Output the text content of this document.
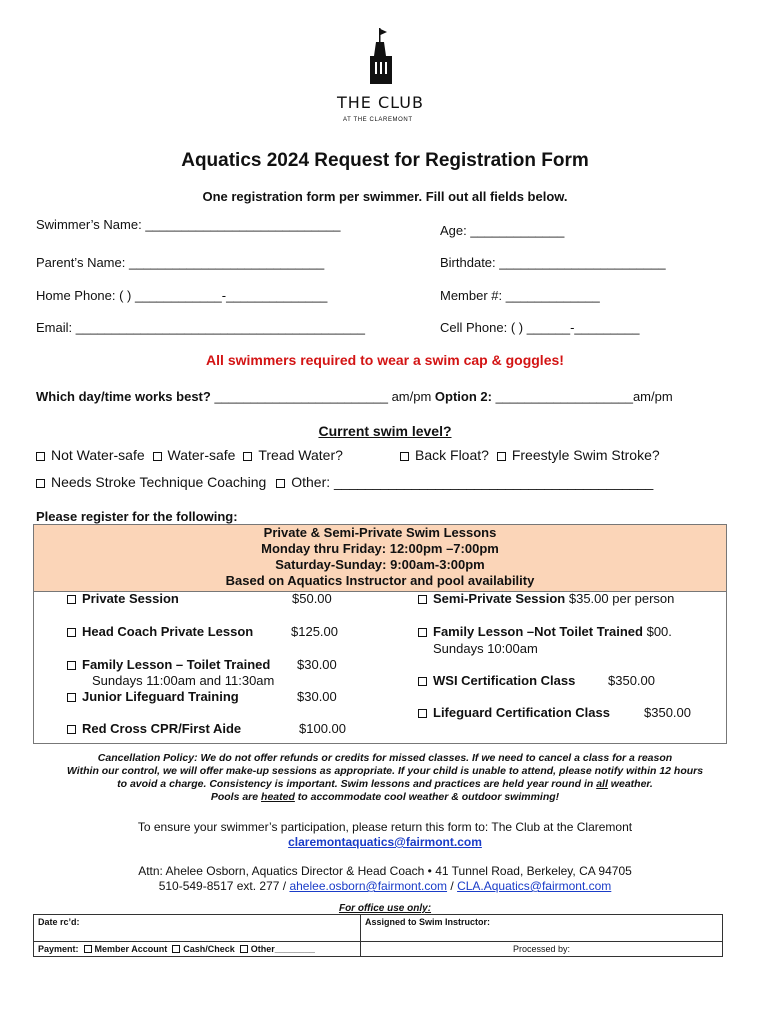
THE CLUB
AT THE CLAREMONT
Aquatics 2024 Request for Registration Form
One registration form per swimmer. Fill out all fields below.
Swimmer’s Name: ___________________________	Age: _____________
Parent’s Name: ___________________________	Birthdate: _______________________
Home Phone: ( ) ____________-______________	Member #: _____________
Email: ________________________________________	Cell Phone: ( ) ______-_________
All swimmers required to wear a swim cap & goggles!
Which day/time works best? ________________________ am/pm Option 2: ___________________am/pm
Current swim level?
Not Water-safe Water-safe Tread Water?	Back Float? Freestyle Swim Stroke?
Needs Stroke Technique Coaching Other: _________________________________________
Please register for the following:
Private & Semi-Private Swim Lessons
Monday thru Friday: 12:00pm –7:00pm
Saturday-Sunday: 9:00am-3:00pm
Based on Aquatics Instructor and pool availability
Private Session	$50.00
Head Coach Private Lesson	$125.00
Family Lesson – Toilet Trained $30.00
Sundays 11:00am and 11:30am
Junior Lifeguard Training	$30.00
Red Cross CPR/First Aide	$100.00
Semi-Private Session $35.00 per person
Family Lesson –Not Toilet Trained $00.
Sundays 10:00am
WSI Certification Class	$350.00
Lifeguard Certification Class	$350.00
Cancellation Policy: We do not offer refunds or credits for missed classes. If we need to cancel a class for a reason
Within our control, we will offer make-up sessions as appropriate. If your child is unable to attend, please notify within 12 hours
to avoid a charge. Consistency is important. Swim lessons and practices are held year round in all weather.
Pools are heated to accommodate cool weather & outdoor swimming!
To ensure your swimmer’s participation, please return this form to: The Club at the Claremont
claremontaquatics@fairmont.com
Attn: Ahelee Osborn, Aquatics Director & Head Coach • 41 Tunnel Road, Berkeley, CA 94705
510-549-8517 ext. 277 / ahelee.osborn@fairmont.com / CLA.Aquatics@fairmont.com
For office use only:
Date rc’d:	Assigned to Swim Instructor:
Payment: Member Account Cash/Check Other________	Processed by:
